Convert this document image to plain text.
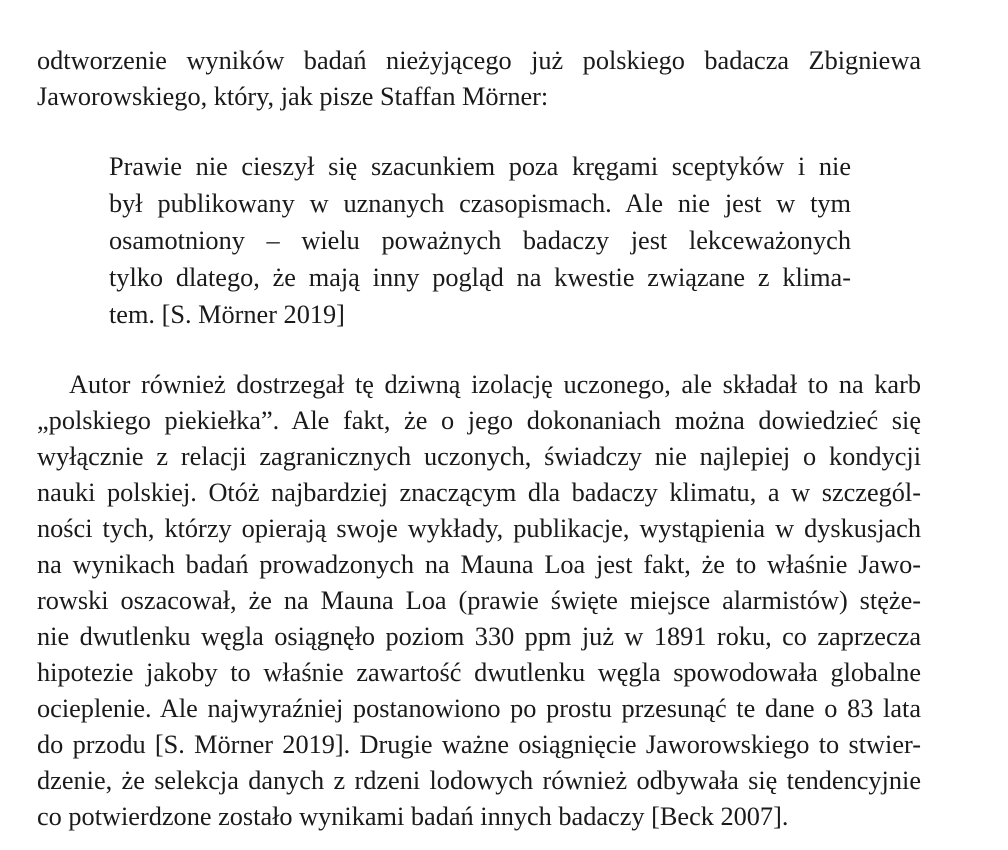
odtworzenie wyników badań nieżyjącego już polskiego badacza Zbigniewa
Jaworowskiego, który, jak pisze Staffan Mörner:
Prawie nie cieszył się szacunkiem poza kręgami sceptyków i nie
był publikowany w uznanych czasopismach. Ale nie jest w tym
osamotniony – wielu poważnych badaczy jest lekceważonych
tylko dlatego, że mają inny pogląd na kwestie związane z klima-
tem. [S. Mörner 2019]
Autor również dostrzegał tę dziwną izolację uczonego, ale składał to na karb
„polskiego piekiełka”. Ale fakt, że o jego dokonaniach można dowiedzieć się
wyłącznie z relacji zagranicznych uczonych, świadczy nie najlepiej o kondycji
nauki polskiej. Otóż najbardziej znaczącym dla badaczy klimatu, a w szczegól-
ności tych, którzy opierają swoje wykłady, publikacje, wystąpienia w dyskusjach
na wynikach badań prowadzonych na Mauna Loa jest fakt, że to właśnie Jawo-
rowski oszacował, że na Mauna Loa (prawie święte miejsce alarmistów) stęże-
nie dwutlenku węgla osiągnęło poziom 330 ppm już w 1891 roku, co zaprzecza
hipotezie jakoby to właśnie zawartość dwutlenku węgla spowodowała globalne
ocieplenie. Ale najwyraźniej postanowiono po prostu przesunąć te dane o 83 lata
do przodu [S. Mörner 2019]. Drugie ważne osiągnięcie Jaworowskiego to stwier-
dzenie, że selekcja danych z rdzeni lodowych również odbywała się tendencyjnie
co potwierdzone zostało wynikami badań innych badaczy [Beck 2007].
